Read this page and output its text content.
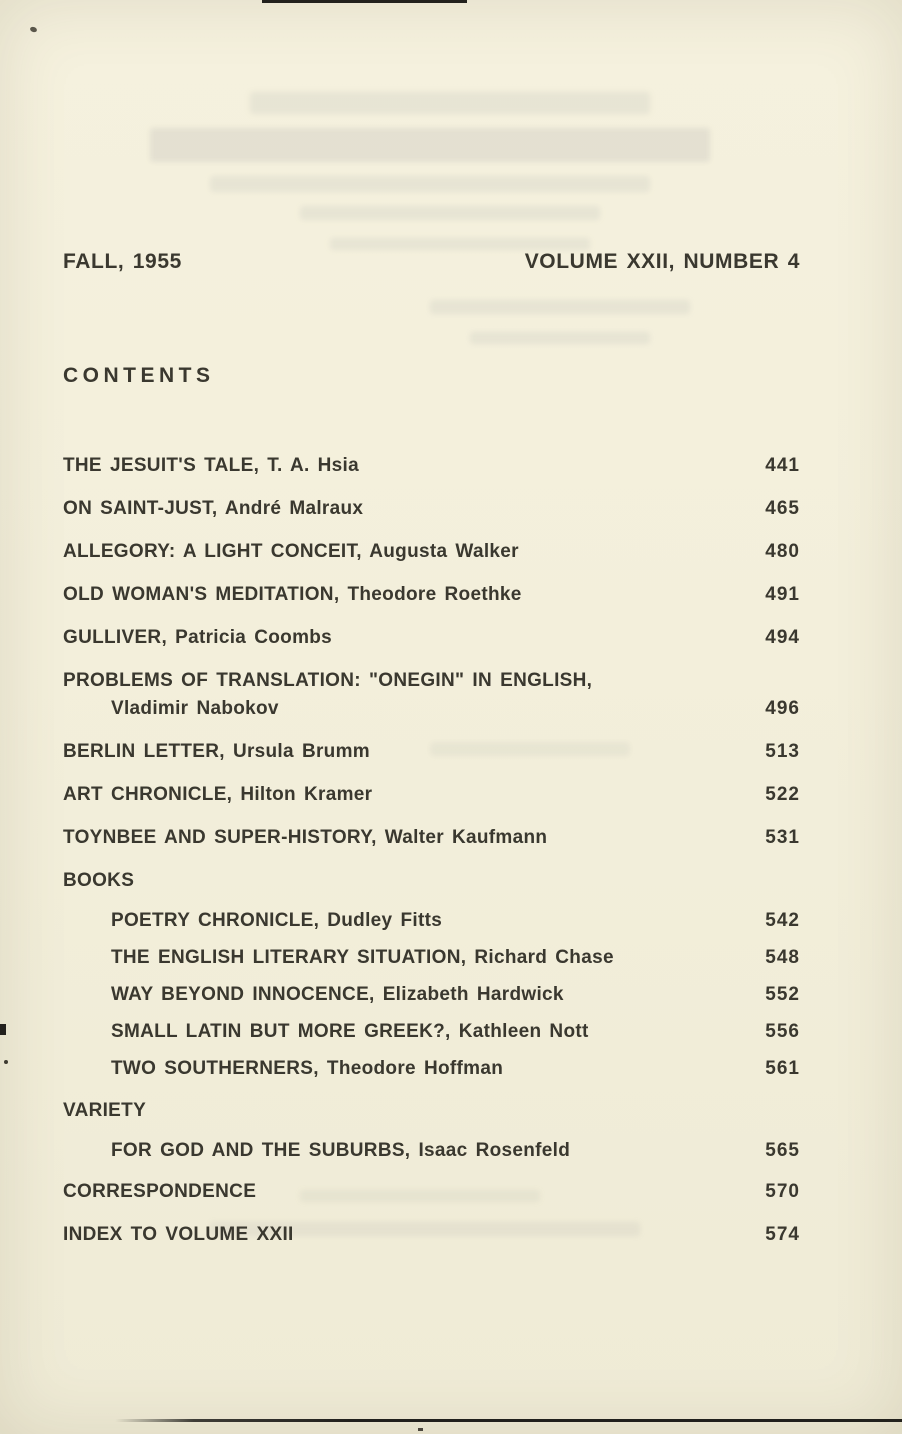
FALL, 1955	VOLUME XXII, NUMBER 4
CONTENTS
THE JESUIT'S TALE, T. A. Hsia	441
ON SAINT-JUST, André Malraux	465
ALLEGORY: A LIGHT CONCEIT, Augusta Walker	480
OLD WOMAN'S MEDITATION, Theodore Roethke	491
GULLIVER, Patricia Coombs	494
PROBLEMS OF TRANSLATION: "ONEGIN" IN ENGLISH,
Vladimir Nabokov	496
BERLIN LETTER, Ursula Brumm	513
ART CHRONICLE, Hilton Kramer	522
TOYNBEE AND SUPER-HISTORY, Walter Kaufmann	531
BOOKS
POETRY CHRONICLE, Dudley Fitts	542
THE ENGLISH LITERARY SITUATION, Richard Chase	548
WAY BEYOND INNOCENCE, Elizabeth Hardwick	552
SMALL LATIN BUT MORE GREEK?, Kathleen Nott	556
TWO SOUTHERNERS, Theodore Hoffman	561
VARIETY
FOR GOD AND THE SUBURBS, Isaac Rosenfeld	565
CORRESPONDENCE	570
INDEX TO VOLUME XXII	574
